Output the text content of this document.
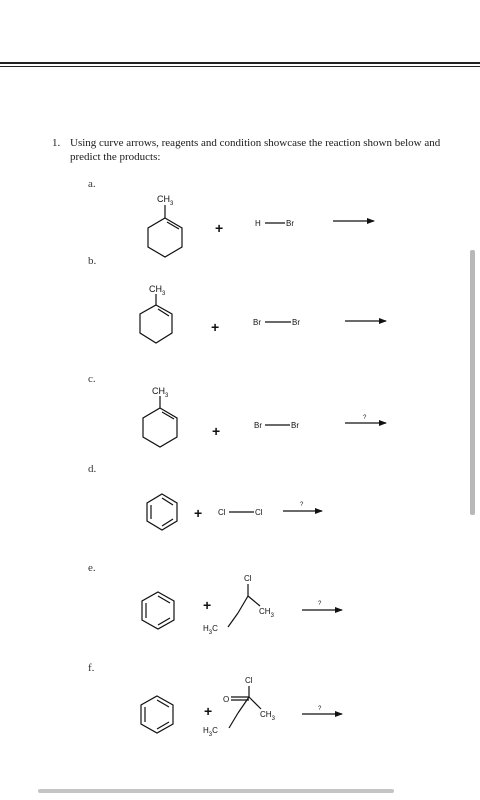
1. Using curve arrows, reagents and condition showcase the reaction shown below and predict the products:
a.
b.
c.
d.
e.
f.
$CH_3$
+	H	Br
$CH_3$
+	Br	Br
$CH_3$
+	Br	Br
?
+ Cl	Cl
?
+
Cl
$CH_3$
$H_3C$
?
+
O
Cl
$CH_3$
$H_3C$
?
